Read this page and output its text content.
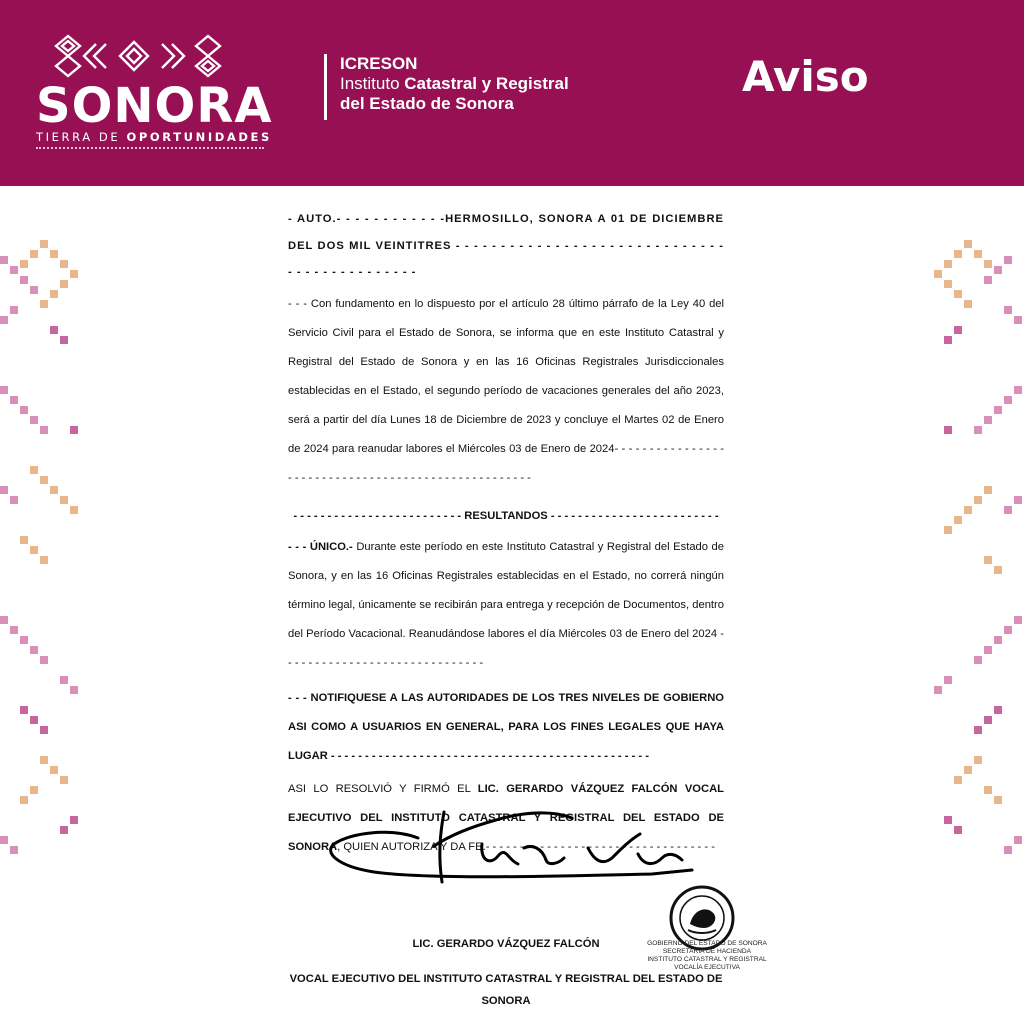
SONORA
TIERRA DE OPORTUNIDADES
ICRESON
Instituto Catastral y Registral
del Estado de Sonora
Aviso

- AUTO.- - - - - - - - - - - -HERMOSILLO, SONORA A 01 DE DICIEMBRE DEL DOS MIL VEINTITRES - - - - - - - - - - - - - - - - - - - - - - - - - - - - - - - - - - - - - - - - - - - - -

- - - Con fundamento en lo dispuesto por el artículo 28 último párrafo de la Ley 40 del Servicio Civil para el Estado de Sonora, se informa que en este Instituto Catastral y Registral del Estado de Sonora y en las 16 Oficinas Registrales Jurisdiccionales establecidas en el Estado, el segundo período de vacaciones generales del año 2023, será a partir del día Lunes 18 de Diciembre de 2023 y concluye el Martes 02 de Enero de 2024 para reanudar labores el Miércoles 03 de Enero de 2024- - - - - - - - - - - - - - - - - - - - - - - - - - - - - - - - - - - - - - - - - - - - - - - - - - - -

- - - - - - - - - - - - - - - - - - - - - - - - - RESULTANDOS - - - - - - - - - - - - - - - - - - - - - - - - -

- - - ÚNICO.- Durante este período en este Instituto Catastral y Registral del Estado de Sonora, y en las 16 Oficinas Registrales establecidas en el Estado, no correrá ningún término legal, únicamente se recibirán para entrega y recepción de Documentos, dentro del Período Vacacional. Reanudándose labores el día Miércoles 03 de Enero del 2024 - - - - - - - - - - - - - - - - - - - - - - - - - - - - - -

- - - NOTIFIQUESE A LAS AUTORIDADES DE LOS TRES NIVELES DE GOBIERNO ASI COMO A USUARIOS EN GENERAL, PARA LOS FINES LEGALES QUE HAYA LUGAR - - - - - - - - - - - - - - - - - - - - - - - - - - - - - - - - - - - - - - - - - - - - - - -

ASI LO RESOLVIÓ Y FIRMÓ EL LIC. GERARDO VÁZQUEZ FALCÓN VOCAL EJECUTIVO DEL INSTITUTO CATASTRAL Y REGISTRAL DEL ESTADO DE SONORA, QUIEN AUTORIZA Y DA FE.- - - - - - - - - - - - - - - - - - - - - - - - - - - - - - - - - -

GOBIERNO DEL ESTADO DE SONORA
SECRETARÍA DE HACIENDA
INSTITUTO CATASTRAL Y REGISTRAL
VOCALÍA EJECUTIVA
LIC. GERARDO VÁZQUEZ FALCÓN
VOCAL EJECUTIVO DEL INSTITUTO CATASTRAL Y REGISTRAL DEL ESTADO DE SONORA
